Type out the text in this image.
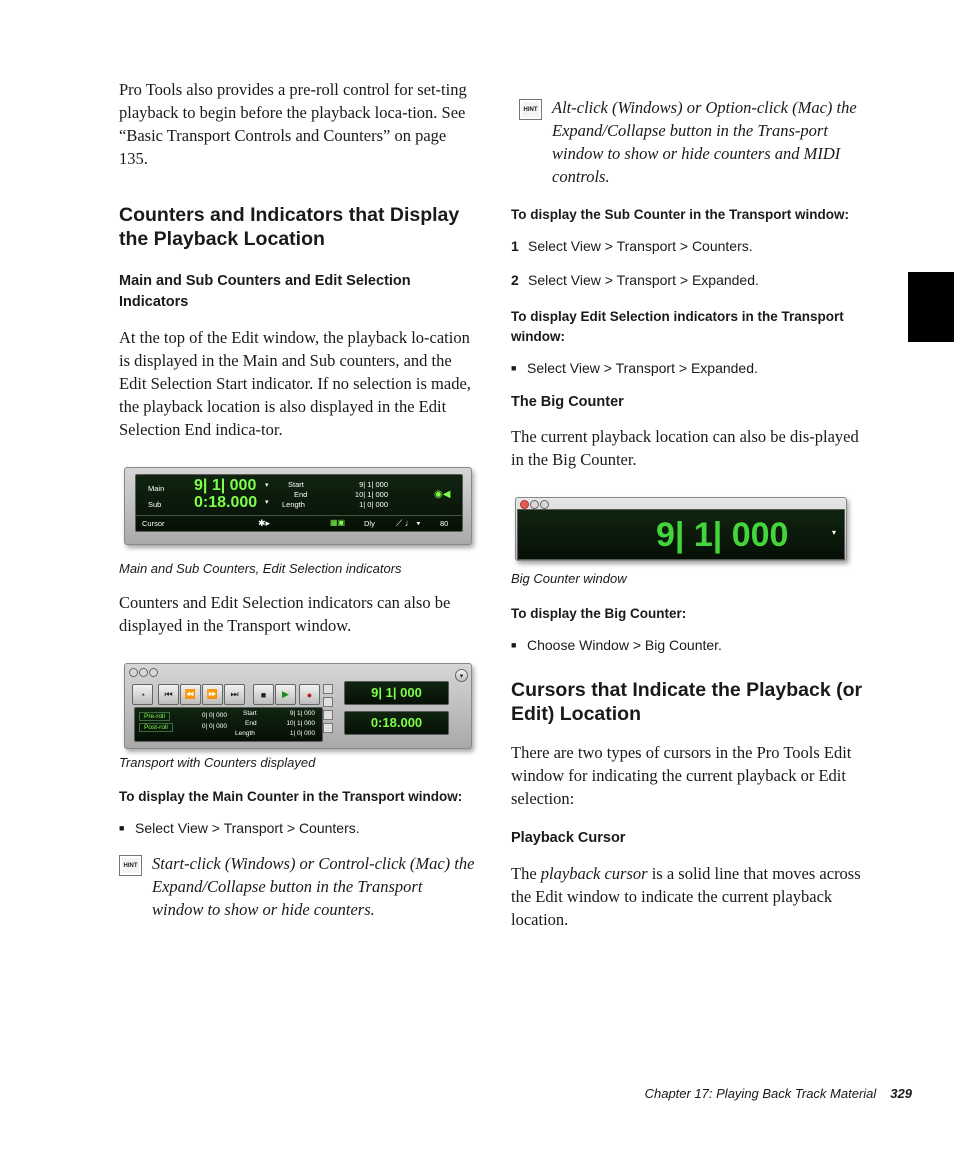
Pro Tools also provides a pre-roll control for set-ting playback to begin before the playback loca-tion. See “Basic Transport Controls and Counters” on page 135.

Counters and Indicators that Display the Playback Location
Main and Sub Counters and Edit Selection Indicators

At the top of the Edit window, the playback lo-cation is displayed in the Main and Sub counters, and the Edit Selection Start indicator. If no selection is made, the playback location is also displayed in the Edit Selection End indica-tor.

Main
Sub
9| 1| 000
0:18.000
▾
▾
Start
End
Length
9| 1| 000
10| 1| 000
1| 0| 000
◉◀
Cursor	✱▸	▦▣	Dly ⟋ ♩ ▾	80

Main and Sub Counters, Edit Selection indicators

Counters and Edit Selection indicators can also be displayed in the Transport window.

◔	⏮	⏪	⏩	⏭	■	▶	●
▾
Pre-roll
Post-roll
0| 0| 000
0| 0| 000
Start
End
Length
9| 1| 000
10| 1| 000
1| 0| 000
9| 1| 000
0:18.000

Transport with Counters displayed

To display the Main Counter in the Transport window:

■ Select View > Transport > Counters.

HINT Start-click (Windows) or Control-click (Mac) the Expand/Collapse button in the Transport window to show or hide counters.

HINT Alt-click (Windows) or Option-click (Mac) the Expand/Collapse button in the Trans-port window to show or hide counters and MIDI controls.

To display the Sub Counter in the Transport window:

1 Select View > Transport > Counters.

2 Select View > Transport > Expanded.

To display Edit Selection indicators in the Transport window:

■ Select View > Transport > Expanded.

The Big Counter

The current playback location can also be dis-played in the Big Counter.

9| 1| 000	▾

Big Counter window

To display the Big Counter:

■ Choose Window > Big Counter.

Cursors that Indicate the Playback (or Edit) Location

There are two types of cursors in the Pro Tools Edit window for indicating the current playback or Edit selection:

Playback Cursor

The playback cursor is a solid line that moves across the Edit window to indicate the current playback location.

Chapter 17: Playing Back Track Material 329
